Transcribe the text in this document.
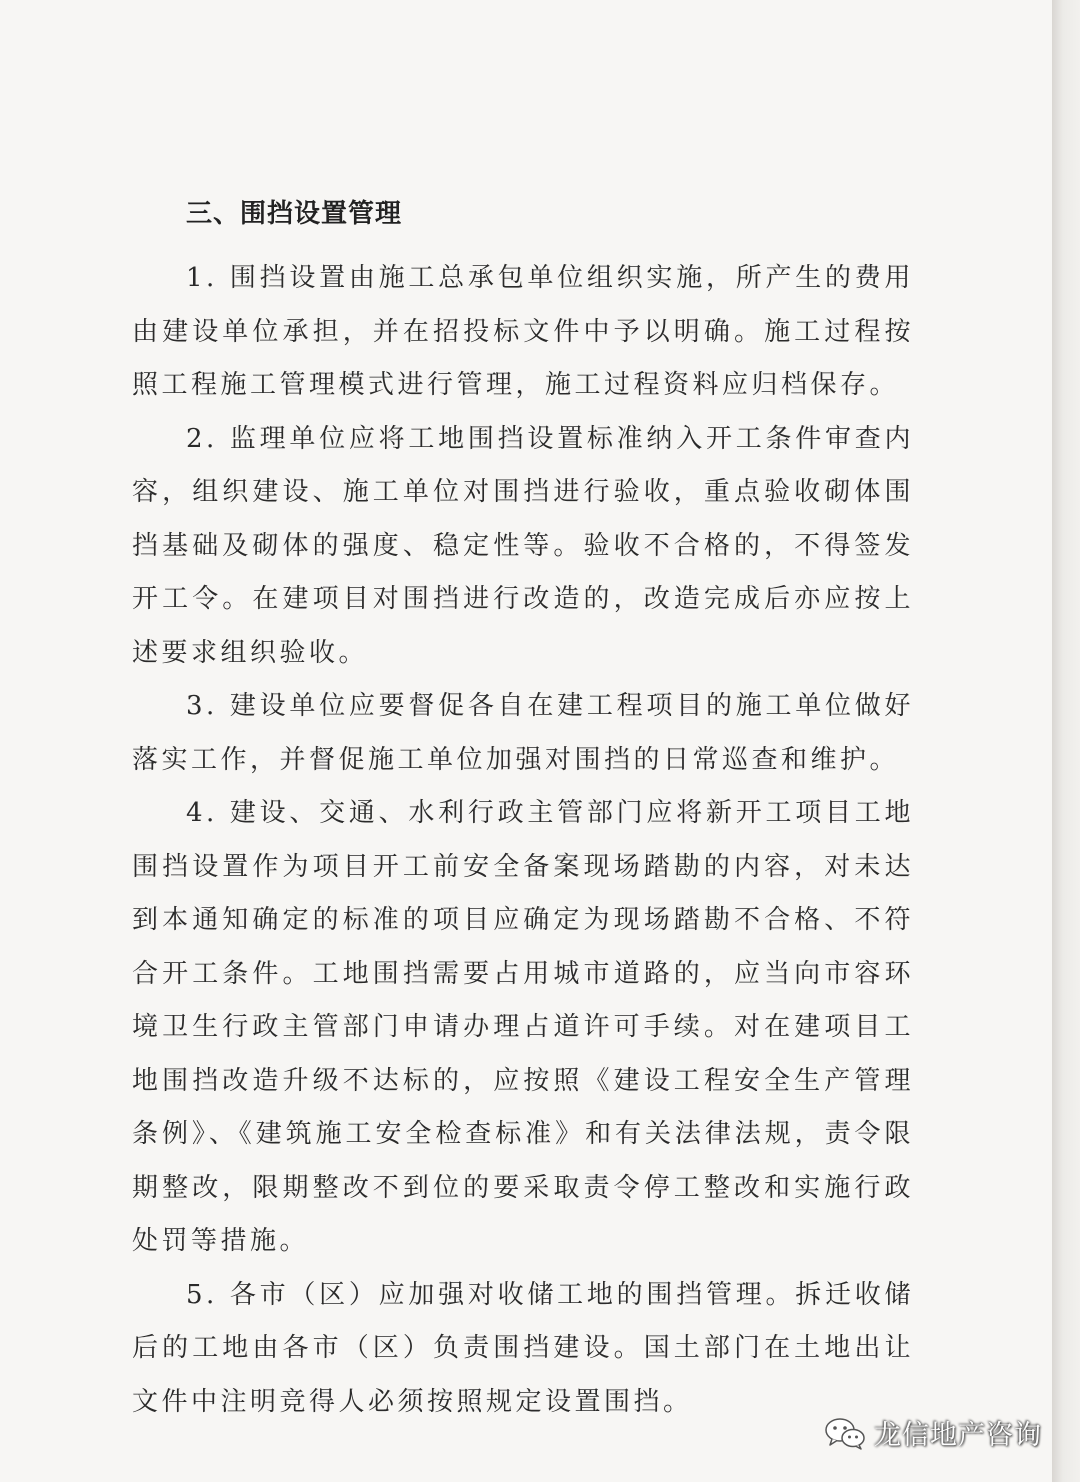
三、围挡设置管理

1. 围挡设置由施工总承包单位组织实施，所产生的费用由建设单位承担，并在招投标文件中予以明确。施工过程按照工程施工管理模式进行管理，施工过程资料应归档保存。

2. 监理单位应将工地围挡设置标准纳入开工条件审查内容，组织建设、施工单位对围挡进行验收，重点验收砌体围挡基础及砌体的强度、稳定性等。验收不合格的，不得签发开工令。在建项目对围挡进行改造的，改造完成后亦应按上述要求组织验收。

3. 建设单位应要督促各自在建工程项目的施工单位做好落实工作，并督促施工单位加强对围挡的日常巡查和维护。

4. 建设、交通、水利行政主管部门应将新开工项目工地围挡设置作为项目开工前安全备案现场踏勘的内容，对未达到本通知确定的标准的项目应确定为现场踏勘不合格、不符合开工条件。工地围挡需要占用城市道路的，应当向市容环境卫生行政主管部门申请办理占道许可手续。对在建项目工地围挡改造升级不达标的，应按照《建设工程安全生产管理条例》、《建筑施工安全检查标准》和有关法律法规，责令限期整改，限期整改不到位的要采取责令停工整改和实施行政处罚等措施。

5. 各市（区）应加强对收储工地的围挡管理。拆迁收储后的工地由各市（区）负责围挡建设。国土部门在土地出让文件中注明竞得人必须按照规定设置围挡。

龙信地产咨询
